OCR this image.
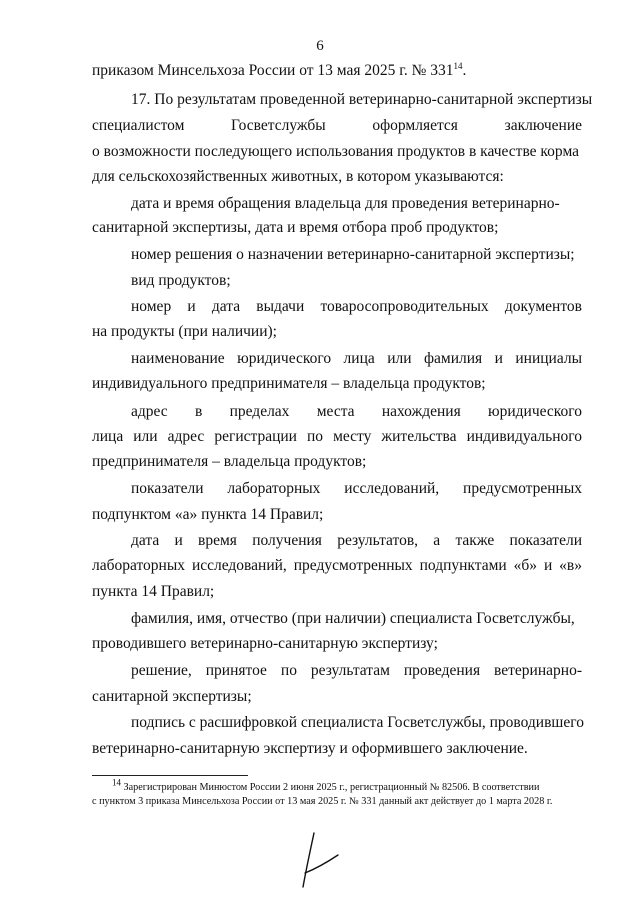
6
приказом Минсельхоза России от 13 мая 2025 г. № $331^{14}$.
17. По результатам проведенной ветеринарно-санитарной экспертизы
специалистом Госветслужбы оформляется заключение
о возможности последующего использования продуктов в качестве корма
для сельскохозяйственных животных, в котором указываются:
дата и время обращения владельца для проведения ветеринарно-
санитарной экспертизы, дата и время отбора проб продуктов;
номер решения о назначении ветеринарно-санитарной экспертизы;
вид продуктов;
номер и дата выдачи товаросопроводительных документов
на продукты (при наличии);
наименование юридического лица или фамилия и инициалы
индивидуального предпринимателя – владельца продуктов;
адрес в пределах места нахождения юридического
лица или адрес регистрации по месту жительства индивидуального
предпринимателя – владельца продуктов;
показатели лабораторных исследований, предусмотренных
подпунктом «а» пункта 14 Правил;
дата и время получения результатов, а также показатели
лабораторных исследований, предусмотренных подпунктами «б» и «в»
пункта 14 Правил;
фамилия, имя, отчество (при наличии) специалиста Госветслужбы,
проводившего ветеринарно-санитарную экспертизу;
решение, принятое по результатам проведения ветеринарно-
санитарной экспертизы;
подпись с расшифровкой специалиста Госветслужбы, проводившего
ветеринарно-санитарную экспертизу и оформившего заключение.
$^{14}$ Зарегистрирован Минюстом России 2 июня 2025 г., регистрационный № 82506. В соответствии
с пунктом 3 приказа Минсельхоза России от 13 мая 2025 г. № 331 данный акт действует до 1 марта 2028 г.
